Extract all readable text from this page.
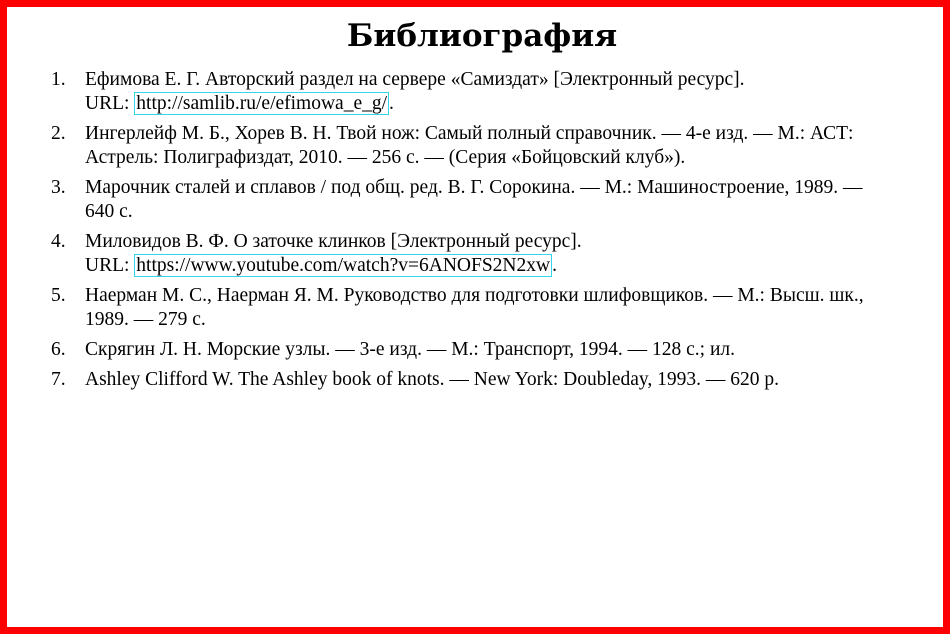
Библиография
1. Ефимова Е. Г. Авторский раздел на сервере «Самиздат» [Электронный ресурс].
URL: http://samlib.ru/e/efimowa_e_g/ .
2. Ингерлейф М. Б., Хорев В. Н. Твой нож: Самый полный справочник. — 4-е изд. — М.: АСТ:
Астрель: Полиграфиздат, 2010. — 256 с. — (Серия «Бойцовский клуб»).
3. Марочник сталей и сплавов / под общ. ред. В. Г. Сорокина. — М.: Машиностроение, 1989. —
640 с.
4. Миловидов В. Ф. О заточке клинков [Электронный ресурс].
URL: https://www.youtube.com/watch?v=6ANOFS2N2xw .
5. Наерман М. С., Наерман Я. М. Руководство для подготовки шлифовщиков. — М.: Высш. шк.,
1989. — 279 с.
6. Скрягин Л. Н. Морские узлы. — 3-е изд. — М.: Транспорт, 1994. — 128 с.; ил.
7. Ashley Clifford W. The Ashley book of knots. — New York: Doubleday, 1993. — 620 p.
